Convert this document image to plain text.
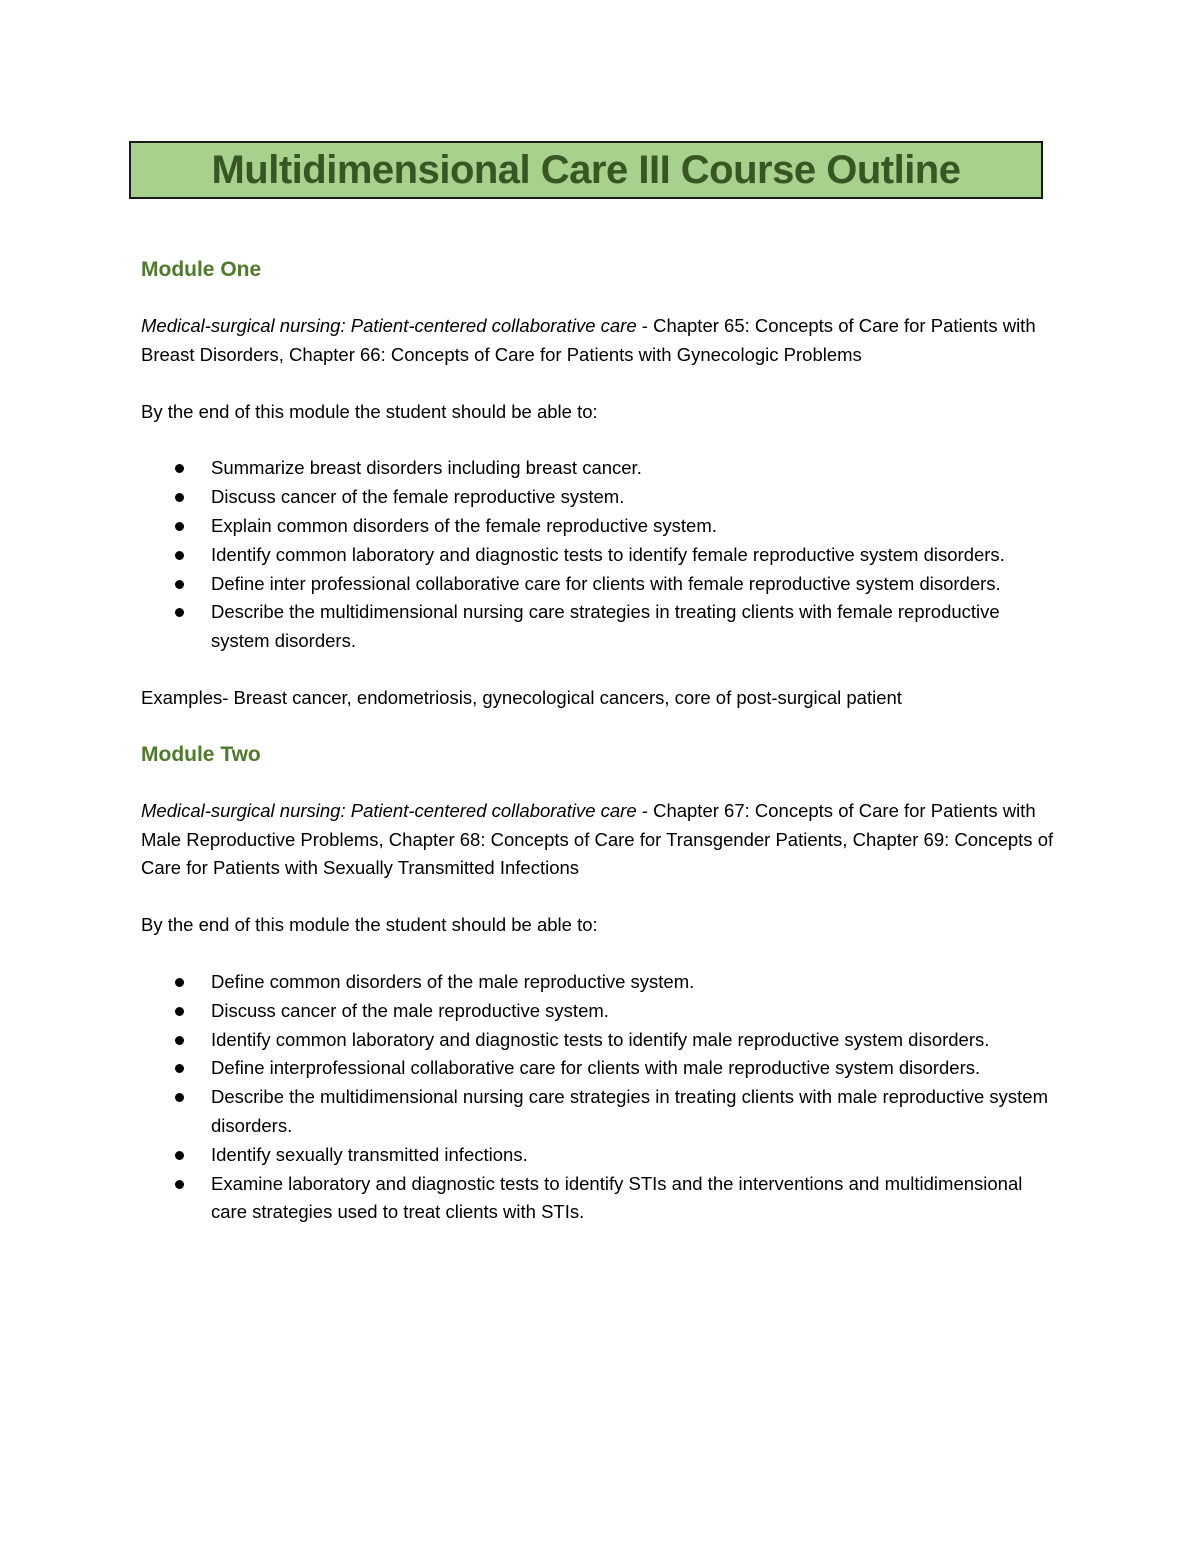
Multidimensional Care III Course Outline
Module One

Medical-surgical nursing: Patient-centered collaborative care - Chapter 65: Concepts of Care for Patients with Breast Disorders, Chapter 66: Concepts of Care for Patients with Gynecologic Problems

By the end of this module the student should be able to:

Summarize breast disorders including breast cancer.
Discuss cancer of the female reproductive system.
Explain common disorders of the female reproductive system.
Identify common laboratory and diagnostic tests to identify female reproductive system disorders.
Define inter professional collaborative care for clients with female reproductive system disorders.
Describe the multidimensional nursing care strategies in treating clients with female reproductive system disorders.

Examples- Breast cancer, endometriosis, gynecological cancers, core of post-surgical patient

Module Two

Medical-surgical nursing: Patient-centered collaborative care - Chapter 67: Concepts of Care for Patients with Male Reproductive Problems, Chapter 68: Concepts of Care for Transgender Patients, Chapter 69: Concepts of Care for Patients with Sexually Transmitted Infections

By the end of this module the student should be able to:

Define common disorders of the male reproductive system.
Discuss cancer of the male reproductive system.
Identify common laboratory and diagnostic tests to identify male reproductive system disorders.
Define interprofessional collaborative care for clients with male reproductive system disorders.
Describe the multidimensional nursing care strategies in treating clients with male reproductive system disorders.
Identify sexually transmitted infections.
Examine laboratory and diagnostic tests to identify STIs and the interventions and multidimensional care strategies used to treat clients with STIs.
